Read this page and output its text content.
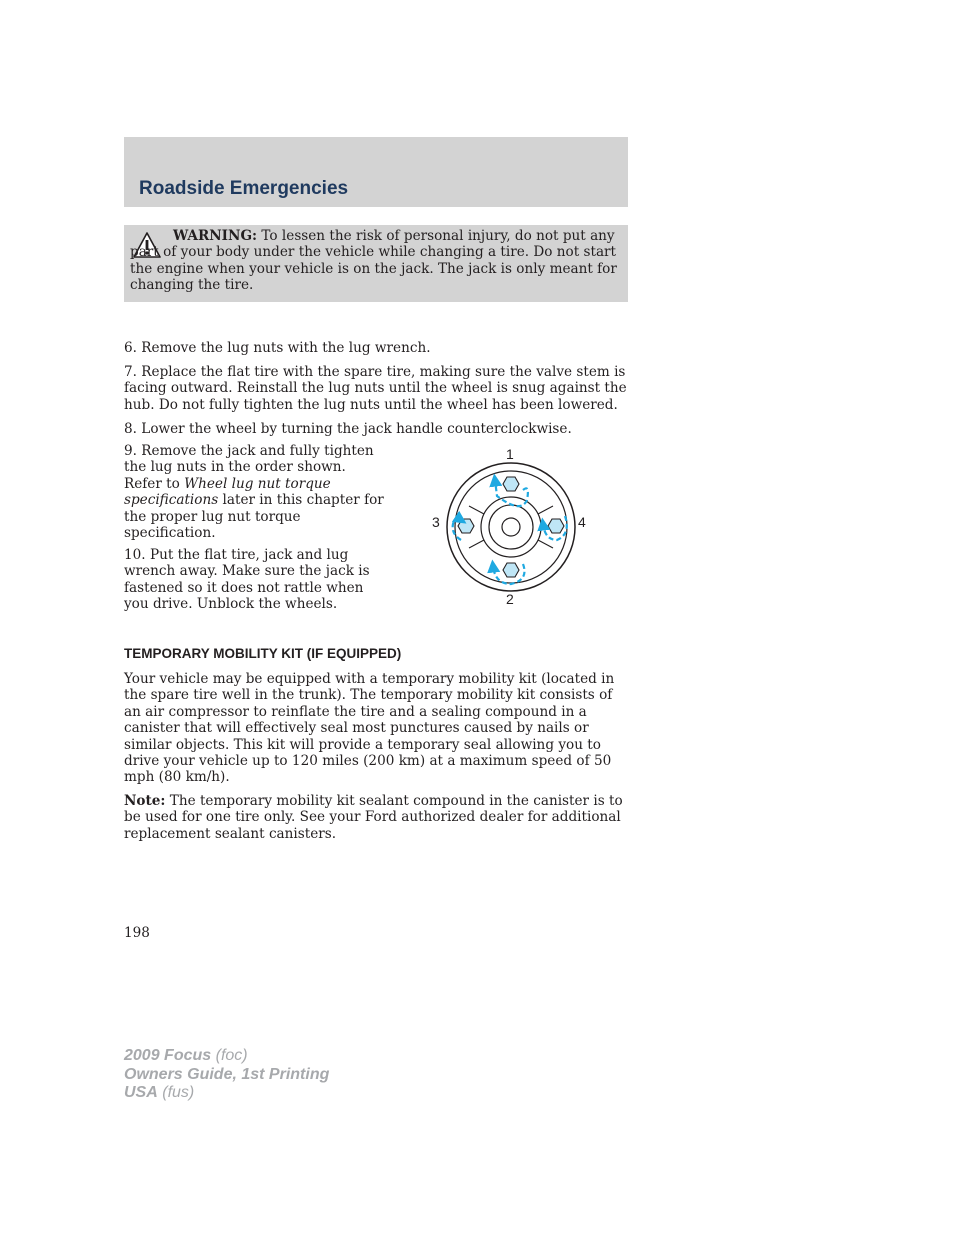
Roadside Emergencies

WARNING: To lessen the risk of personal injury, do not put any part of your body under the vehicle while changing a tire. Do not start the engine when your vehicle is on the jack. The jack is only meant for changing the tire.

6. Remove the lug nuts with the lug wrench.

7. Replace the flat tire with the spare tire, making sure the valve stem is facing outward. Reinstall the lug nuts until the wheel is snug against the hub. Do not fully tighten the lug nuts until the wheel has been lowered.

8. Lower the wheel by turning the jack handle counterclockwise.

9. Remove the jack and fully tighten the lug nuts in the order shown. Refer to Wheel lug nut torque specifications later in this chapter for the proper lug nut torque specification.

10. Put the flat tire, jack and lug wrench away. Make sure the jack is fastened so it does not rattle when you drive. Unblock the wheels.

1
2
3	4
TEMPORARY MOBILITY KIT (IF EQUIPPED)

Your vehicle may be equipped with a temporary mobility kit (located in the spare tire well in the trunk). The temporary mobility kit consists of an air compressor to reinflate the tire and a sealing compound in a canister that will effectively seal most punctures caused by nails or similar objects. This kit will provide a temporary seal allowing you to drive your vehicle up to 120 miles (200 km) at a maximum speed of 50 mph (80 km/h).

Note: The temporary mobility kit sealant compound in the canister is to be used for one tire only. See your Ford authorized dealer for additional replacement sealant canisters.

198

2009 Focus (foc)
Owners Guide, 1st Printing
USA (fus)
